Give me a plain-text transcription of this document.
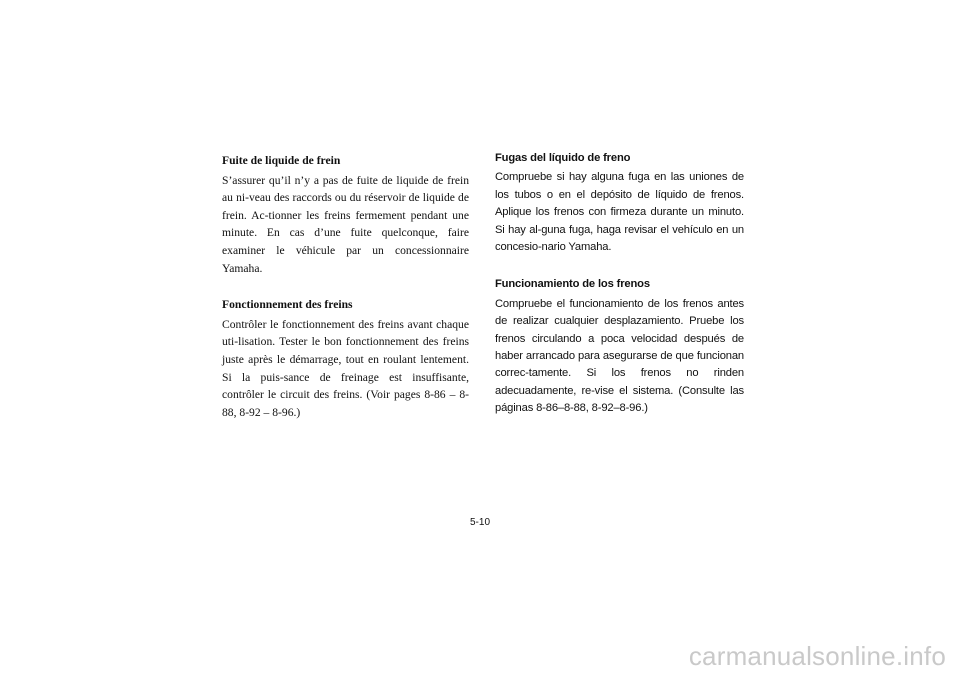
Fuite de liquide de frein

S’assurer qu’il n’y a pas de fuite de liquide de frein au ni-veau des raccords ou du réservoir de liquide de frein. Ac-tionner les freins fermement pendant une minute. En cas d’une fuite quelconque, faire examiner le véhicule par un concessionnaire Yamaha.

Fonctionnement des freins

Contrôler le fonctionnement des freins avant chaque uti-lisation. Tester le bon fonctionnement des freins juste après le démarrage, tout en roulant lentement. Si la puis-sance de freinage est insuffisante, contrôler le circuit des freins. (Voir pages 8-86 – 8-88, 8-92 – 8-96.)

Fugas del líquido de freno

Compruebe si hay alguna fuga en las uniones de los tubos o en el depósito de líquido de frenos. Aplique los frenos con firmeza durante un minuto. Si hay al-guna fuga, haga revisar el vehículo en un concesio-nario Yamaha.

Funcionamiento de los frenos

Compruebe el funcionamiento de los frenos antes de realizar cualquier desplazamiento. Pruebe los frenos circulando a poca velocidad después de haber arrancado para asegurarse de que funcionan correc-tamente. Si los frenos no rinden adecuadamente, re-vise el sistema. (Consulte las páginas 8-86–8-88, 8-92–8-96.)

5-10
carmanualsonline.info
